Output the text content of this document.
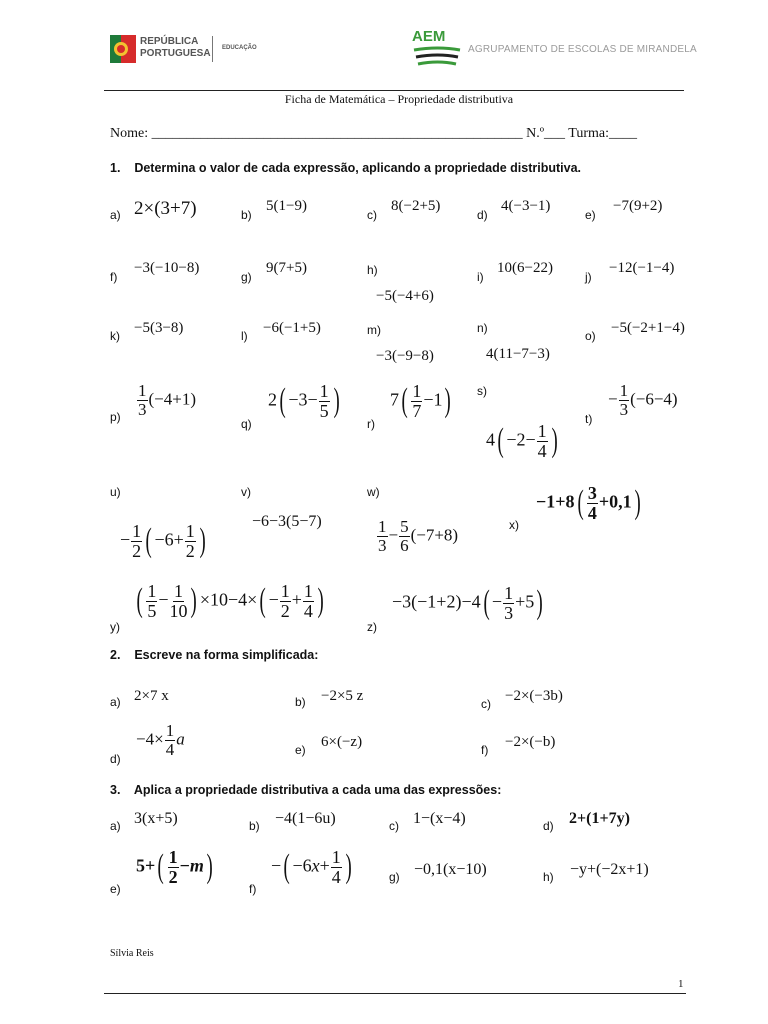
REPÚBLICA
PORTUGUESA EDUCAÇÃO
AEM
AGRUPAMENTO DE ESCOLAS DE MIRANDELA
Ficha de Matemática – Propriedade distributiva
Nome: _____________________________________________________ N.º___ Turma:____
1.    Determina o valor de cada expressão, aplicando a propriedade distributiva.
a) 2×(3+7)	b)
5(1−9)
c)
8(−2+5)
d)
4(−3−1)
e)
−7(9+2)
f)
−3(−10−8)
g)
9(7+5)	h)
−5(−4+6)
i)
10(6−22)
j)
−12(−1−4)
k) −5(3−8)	l) −6(−1+5)	m)
−3(−9−8)
n)
4(11−7−3)
o) −5(−2+1−4)
$p) \frac{1}{3} (-4+1)$
q)
$2( -3- \frac{1}{5}$ )
r)
$7( \frac{1}{7} -1)$ s)
$4( -2- \frac{1}{4}$ )
t)
− $\frac{1}{3} (-6-4)$
u)
− $\frac{1}{2}$ ( $-6+ \frac{1}{2}$ )
v)
−6−3(5−7)
w)
$\frac{1}{3} - \frac{5}{6} (-7+8)$
x)
$-1+8( \frac{3}{4} +0,1)$
y)
( $\frac{1}{5} - \frac{1}{10}$ ) $\times 10-4\times( - \frac{1}{2} + \frac{1}{4}$ )
z)
$-3(-1+2)-4( - \frac{1}{3} +5)$
2.    Escreve na forma simplificada:
a) 2×7 x	b) −2×5 z	c) −2×(−3b)
d)
$-4\times \frac{1}{4}$ a
e) 6×(−z)	f) −2×(−b)
3.    Aplica a propriedade distributiva a cada uma das expressões:
a) 3(x+5)	b) −4(1−6u)	c) 1−(x−4)	d) 2+(1+7y)
e)
$5+( \frac{1}{2} -m)$
f)
−( $-6x+ \frac{1}{4}$ )	g) −0,1(x−10)	h) −y+(−2x+1)
Sílvia Reis
1
